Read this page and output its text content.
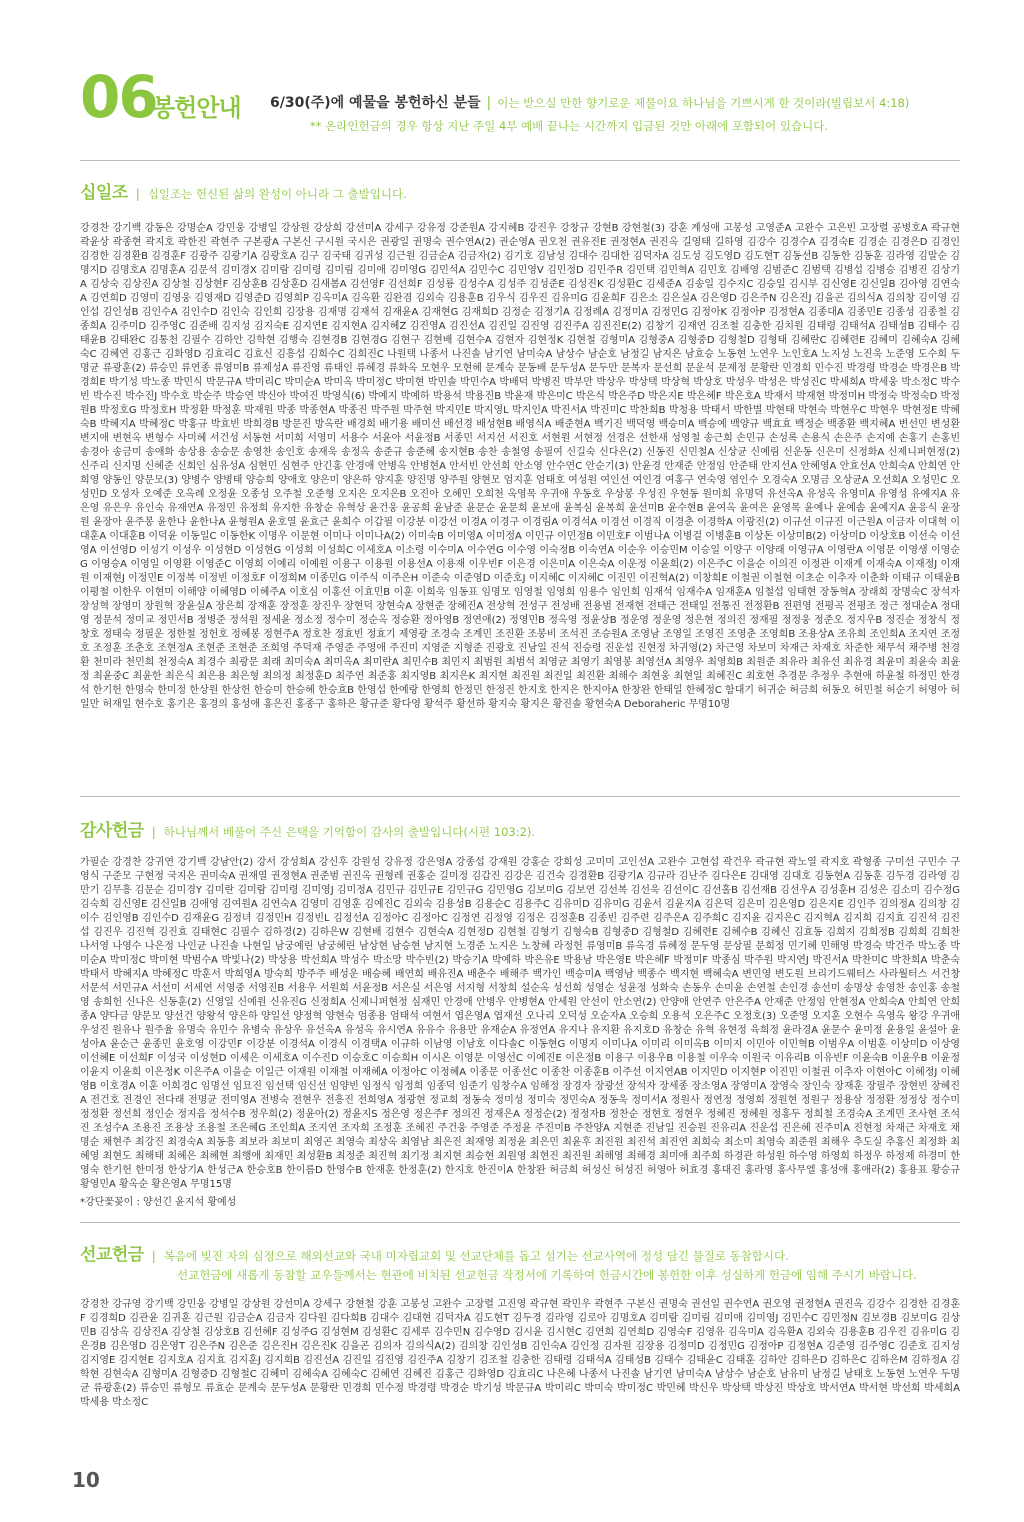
06
봉헌안내 6/30(주)에 예물을 봉헌하신 분들 | 이는 받으실 만한 향기로운 제물이요 하나님을 기쁘시게 한 것이라(빌립보서 4:18)
** 온라인헌금의 경우 항상 지난 주일 4부 예배 끝나는 시간까지 입금된 것만 아래에 포함되어 있습니다.
십일조 | 십일조는 헌신된 삶의 완성이 아니라 그 출발입니다.
강경찬 강기백 강동은 강명순A 강민웅 강병일 강상원 강상희 강선미A 강세구 강유정 강준원A 강지혜B 강진우 강창규 강현B 강현철(3) 강훈 계성애 고봉성 고영준A 고완수 고은빈 고장렬 공병호A 곽규현 곽윤상 곽종현 곽지호 곽한진 곽현주 구본광A 구본신 구시원 국시은 권광일 권명숙 권수연A(2) 권순영A 권오천 권유진E 권정현A 권진옥 길영태 길하영 김강수 김경수A 김경숙E 김경순 김경은D 김경인 김경한 김경환B 김경훈F 김광주 김광기A 김광호A 김구 김국태 김귀성 김근원 김금순A 김금자(2) 김기호 김남성 김대수 김대한 김덕자A 김도성 김도영D 김도현T 김동선B 김동한 김동훈 김라영 김말순 김명지D 김명호A 김명훈A 김문석 김미경X 김미람 김미령 김미림 김미애 김미영G 김민석A 김민수C 김민영V 김민정D 김민주R 김민택 김민혁A 김민호 김배영 김범준C 김범택 김병섭 김병승 김병진 김상기A 김상숙 김상진A 김상철 김상현F 김상훈B 김상훈D 김새봄A 김선영F 김선희F 김성룡 김성수A 김성주 김성준E 김성진K 김성환C 김세준A 김송일 김수지C 김승일 김시부 김신영E 김신일B 김아영 김연숙A 김연희D 김영미 김영웅 김영재D 김영준D 김영희P 김옥미A 김옥환 김완겸 김외숙 김용훈B 김우식 김우진 김유미G 김윤희F 김은소 김은실A 김은영D 김은주N 김은진J 김을곤 김의식A 김의창 김이영 김인섭 김인성B 김인수A 김인수D 김인숙 김인희 김장용 김재명 김재석 김재윤A 김재현G 김재희D 김정순 김정기A 김정례A 김정미A 김정민G 김정아K 김정아P 김정현A 김종대A 김종민E 김종성 김종철 김종희A 김주미D 김주영C 김준배 김지성 김지숙E 김지연E 김지현A 김지혜Z 김진영A 김진선A 김진일 김진영 김진주A 김진진E(2) 김창기 김재연 김조철 김충한 김치원 김태령 김태석A 김태성B 김태수 김태윤B 김태완C 김통천 김필수 김하안 김학현 김행숙 김현경B 김현경G 김현구 김현배 김현수A 김현자 김현정K 김현철 김형미A 김형중A 김형중D 김형철D 김형태 김혜란C 김혜련E 김혜미 김혜숙A 김혜숙C 김혜연 김홍근 김화영D 김효리C 김효신 김흥섭 김희수C 김희진C 나원택 나종서 나진솔 남기연 남미숙A 남상수 남순호 남정길 남지은 남효승 노동현 노연우 노인호A 노지성 노진욱 노준영 도수희 두명균 류광훈(2) 류승민 류연종 류영미B 류제성A 류진영 류태인 류혜경 류화옥 모현우 모현혜 문계숙 문동배 문두성A 문두만 문복자 문선희 문운석 문제정 문황란 민경희 민수진 박경령 박경순 박경은B 박경희E 박기성 박노종 박민식 박문규A 박미리C 박미순A 박미옥 박미정C 박미현 박민솔 박민수A 박배덕 박병진 박부만 박상우 박상택 박상혁 박상호 박성우 박성은 박성진C 박세희A 박세웅 박소정C 박수빈 박수진 박수진J 박수호 박순주 박승연 박신아 박여진 박영식(6) 박예지 박예하 박용석 박용진B 박윤재 박은미C 박은식 박은주D 박은지E 박은혜F 박은호A 박재서 박재현 박정미H 박정숙 박정숙D 박정원B 박정호G 박정호H 박정환 박정훈 박재원 박종 박종현A 박종진 박주원 박주현 박지민E 박지영L 박지인A 박진서A 박진미C 박찬희B 박청용 박태서 박한별 박현태 박현숙 박현우C 박현우 박현정E 박혜숙B 박혜지A 박혜정C 박홍규 박효빈 박희경B 방문진 방옥란 배경희 배기용 배미선 배선경 배성현B 배영식A 배준현A 백기진 백덕영 백승미A 백승예 백양규 백효효 백정순 백종환 백지혜A 변선민 변성환 변지애 변현옥 변형수 사미혜 서건성 서동현 서미희 서영미 서용수 서윤아 서윤정B 서종민 서지선 서진호 서현원 서현정 선경은 선한새 성영철 송근희 손민규 손성록 손용식 손은주 손지예 손홍기 손홍빈 송경아 송금미 송애화 송상용 송승문 송영찬 송인호 송재욱 송정옥 송준규 송준혜 송지현B 송찬 송철영 송필여 신길숙 신다은(2) 신동진 신민철A 신상균 신예림 신운동 신은미 신정화A 신제니퍼현정(2) 신주리 신지명 신혜준 신희인 심유성A 심현민 심현주 안긴홍 안경애 안병옥 안병현A 안서빈 안선희 안소영 안수연C 안순기(3) 안윤경 안재준 안정임 안준태 안지선A 안혜영A 안효선A 안희숙A 안희연 안희영 양동인 양문모(3) 양병수 양병태 양승희 양애호 양은미 양은하 양지훈 양진명 양주원 양현모 엄지훈 엄태호 여성원 여인선 여인경 여홍구 연숙영 염인수 오경숙A 오명금 오상균A 오선희A 오성민C 오성민D 오성자 오예준 오옥례 오정윤 오종성 오주철 오준형 오지은 오지은B 오진아 오혜민 오희천 옥영목 우귀애 우동호 우상봉 우성진 우현동 원미희 유명덕 유선옥A 유성옥 유영미A 유영성 유예지A 유은영 유은우 유인숙 유재연A 유정민 유정희 유지한 유창순 유혁상 윤건웅 윤공희 윤남준 윤문순 윤문희 윤보애 윤복심 윤복희 윤선미B 윤수현B 윤여옥 윤여은 윤영목 윤예나 윤예솜 윤예지A 윤응식 윤장원 윤장아 윤주봉 윤한나 윤한나A 윤형원A 윤호열 윤효근 윤희수 이갑필 이강분 이강선 이경A 이경구 이경림A 이경석A 이경선 이경직 이경춘 이경학A 이광진(2) 이규선 이규진 이근원A 이금자 이대혁 이대훈A 이대훈B 이덕윤 이동일C 이동한K 이명우 이문현 이미나 이미나A(2) 이미숙B 이미영A 이미정A 이민규 이민정B 이민호F 이범나A 이병걸 이병훈B 이상돈 이상미B(2) 이상미D 이상호B 이선숙 이선영A 이선영D 이성기 이성우 이성현D 이성현G 이성희 이성희C 이세호A 이소령 이수미A 이수연G 이수영 이숙정B 이숙연A 이순우 이승민M 이승일 이양구 이양래 이영규A 이영란A 이영문 이영생 이영순G 이영승A 이영일 이영환 이영준C 이영희 이예리 이예원 이용구 이용원 이용선A 이용재 이우빈F 이은경 이은미A 이은숙A 이운정 이윤희(2) 이은주C 이을순 이의진 이정관 이재계 이재숙A 이재정J 이재원 이재현J 이정민E 이정복 이정빈 이정호F 이정희M 이종민G 이주식 이주은H 이준숙 이준영D 이준호J 이지혜C 이지혜C 이진민 이진혁A(2) 이창희E 이철권 이철현 이초순 이추자 이춘화 이태규 이태윤B 이평철 이한우 이현미 이해양 이혜영D 이혜주A 이호심 이홍선 이효민B 이훈 이희욱 임동표 임명모 임영철 임영희 임용수 임인희 임재석 임재수A 임재훈A 임철섭 임태현 장동혁A 장래희 장명숙C 장석자 장성혁 장영미 장원혁 장윤실A 장은희 장재훈 장정훈 장진우 장현덕 장현숙A 장현준 장혜진A 전상혁 전성구 전성배 전용범 전재현 전태근 전태일 전통진 전정환B 전편영 전평곡 전평조 정근 정대순A 정대영 정문석 정미교 정민서B 정병준 정석원 정세윤 정소정 정수미 정순옥 정승환 정아영B 정연애(2) 정영민B 정옥영 정윤상B 정운영 정운영 정은현 정의진 정재필 정정웅 정준오 정지우B 정진순 정창식 정창호 정태숙 정필운 정한철 정헌호 정혜봉 정현주A 정호찬 정효빈 정효기 제영광 조경숙 조계민 조진환 조봉비 조석진 조승원A 조영남 조영일 조영진 조영춘 조영희B 조용상A 조유희 조인희A 조지연 조정호 조정훈 조춘호 조현정A 조현준 조현준 조희영 주덕재 주영준 주영애 주진미 지영준 지형준 진광호 진남일 진석 진승령 진운섭 진현정 차귀영(2) 차근영 차보미 차재근 차재호 차준한 채무석 채주병 천경환 천미라 천민희 천정숙A 최경수 최광문 최래 최미숙A 최미옥A 최미란A 최민수B 최민지 최범원 최범석 최영균 최영기 최영봉 최영선A 최영우 최영희B 최원준 최유라 최유선 최유경 최윤미 최윤숙 최윤정 최윤중C 최윤한 최은식 최은용 최은형 최의정 최정훈D 최주연 최준홍 최지영B 최지은K 최지현 최진원 최진일 최진환 최해수 최현웅 최현일 최혜진C 최호현 추경문 추정우 추현애 하윤철 하정민 한경석 한기헌 한명숙 한미정 한상원 한상헌 한승미 한승혜 한승효B 한영섭 한예랑 한영희 한정민 한정진 한지호 한지은 한지아A 한창완 한태일 한혜정C 함대기 허귀순 허금희 허동오 허민철 허순기 허영아 허일만 허재일 현수호 홍기은 홍경의 홍성애 홍은진 홍종구 홍하은 황규준 황다영 황석주 황선하 황지숙 황지은 황진솔 황현숙A Deboraheric 무명10명
감사헌금 | 하나님께서 베풀어 주신 은택을 기억함이 감사의 출발입니다(시편 103:2).
가필순 강경찬 강귀연 강기백 강남안(2) 강서 강성희A 강신후 강원성 강유정 강은영A 강종섭 강재원 강홍순 강희성 고미미 고인선A 고완수 고현섭 곽건우 곽규현 곽노열 곽지호 곽형종 구미선 구민수 구영식 구준모 구현정 국지은 권미숙A 권재열 권정현A 권준범 권진옥 권형레 권홍순 길미정 김갑진 김강은 김건숙 김경환B 김광기A 김규라 김난주 김다은E 김대영 김대호 김동현A 김동훈 김두경 김라영 김만기 김무흥 김문순 김미경Y 김미란 김미람 김미령 김미영J 김미정A 김민규 김민규E 김민규G 김민영G 김보미G 김보연 김선복 김선욱 김선이C 김선홀B 김선재B 김선우A 김성훈H 김성은 김소미 김수정G 김숙희 김신영E 김신일B 김애영 김여원A 김연숙A 김영미 김영훈 김예진C 김외숙 김용성B 김용순C 김용주C 김유미D 김유미G 김윤서 김윤지A 김은덕 김은미 김은영D 김은지E 김인주 김의정A 김의창 김이수 김인영B 김인수D 김재윤G 김정녀 김정민H 김정빈L 김정선A 김정아C 김정아C 김정연 김정영 김정은 김정훈B 김종빈 김주련 김주은A 김주희C 김지윤 김지은C 김지혁A 김지희 김지효 김진석 김진섭 김진우 김진혁 김진효 김태현C 김필수 김하경(2) 김하은W 김현배 김현수 김현숙A 김현정D 김현철 김형기 김형숙B 김형중D 김형철D 김혜련E 김혜수B 김혜신 김효동 김희지 김희정B 김희희 김희찬 나서영 나영수 나은정 나인균 나진솔 나현일 남궁예린 남궁혜린 남상현 남승현 남지현 노경준 노지은 노창혜 라정헌 류영미B 류옥경 류혜정 문두영 문상필 문희정 민기혜 민해영 박경숙 박건주 박노종 박미순A 박미정C 박미현 박범수A 박빛나(2) 박상용 박선희A 박성수 박소망 박수빈(2) 박승기A 박예하 박은유E 박용남 박은영E 박은혜F 박정미F 박종심 박주원 박지연J 박진서A 박찬미C 박찬희A 박춘숙 박태서 박혜지A 박혜정C 박훈서 박희영A 방숙희 방주주 배성운 배승혜 배연희 배유진A 배춘수 배해주 백가인 백승미A 백영남 백종수 백지현 백혜숙A 변민영 변도원 브리기드웨터스 사라월터스 서건창 서문석 서민규A 서선미 서세연 서영중 서영진B 서용우 서원희 서윤정B 서은실 서은영 서지형 서창희 설순옥 성선희 성영순 성윤정 성화숙 손동우 손미윤 손연철 손인경 송선미 송명상 송영찬 송인홍 송철영 송희헌 신나은 신동훈(2) 신영일 신예원 신유진G 신정희A 신제니퍼현정 심재민 안경애 안병우 안병현A 안세원 안선이 안소연(2) 안양애 안연주 안은주A 안재준 안정임 안현정A 안희숙A 안희연 안희종A 양다금 양문모 양선건 양왕석 양은하 양일선 양정혁 양현숙 엄종용 엄태석 여현서 엽은영A 엽재선 오나리 오덕성 오순자A 오승희 오용석 오은주C 오정호(3) 오준영 오지훈 오현수 옥영옥 왕강 우귀애 우성진 원유나 원주율 유명숙 유민수 유병숙 유상우 유선옥A 유성옥 유시연A 유유수 유용만 유재순A 유정연A 유지나 유지환 유지호D 유창순 유혁 유현정 육희정 윤라경A 윤문수 윤미정 윤용일 윤설아 윤성아A 윤순근 윤종민 윤호영 이강민F 이강분 이경석A 이경식 이경택A 이규하 이남영 이남호 이다솔C 이동현G 이명지 이미나A 이미리 이미옥B 이미지 이민아 이민혁B 이범우A 이범훈 이상미D 이상영 이선혜E 이선희F 이성국 이성현D 이세은 이세호A 이수진D 이승호C 이승희H 이시온 이영문 이영선C 이예진E 이은정B 이용구 이용우B 이용철 이우숙 이원국 이유리B 이유빈F 이윤숙B 이윤우B 이윤정 이윤지 이윤희 이은정K 이은주A 이을순 이일근 이재원 이재철 이재혜A 이정아C 이정혜A 이종문 이종선C 이종찬 이종훈B 이주선 이지연AB 이지민D 이지현P 이진민 이철권 이추자 이현아C 이혜정J 이혜영B 이호경A 이훈 이희경C 임명선 임묘진 임선택 임신선 임양빈 임정식 임정희 임종덕 임준기 임창수A 임해정 장경자 장광선 장석자 장세종 장소영A 장영미A 장영숙 장인숙 장재훈 장필주 장현빈 장혜진A 전건호 전경인 전다래 전명균 전미영A 전병숙 전현우 전흥진 전희영A 정광현 정교희 정동숙 정미성 정미숙 정민숙A 정동욱 정미서A 정원사 정연정 정영희 정원현 정원구 정용삼 정정환 정정상 정수미 정정환 정선희 정인순 정지음 정석수B 정우희(2) 정윤아(2) 정윤지S 정은영 정은주F 정의진 정재은A 정정순(2) 정정자B 정찬순 정현호 정현우 정혜진 정혜원 정홍두 정희철 조경숙A 조계민 조사현 조석진 조성수A 조용진 조용상 조용철 조은혜G 조인희A 조지연 조자희 조정훈 조혜진 주건웅 주영준 주정윤 주진미B 주찬양A 지현준 진남일 진승원 진유리A 진운섭 진은혜 진주미A 진현정 차재근 차재호 채명순 채현주 최강진 최경숙A 최동흥 최보라 최보미 최영곤 최영숙 최상옥 최영남 최은진 최재영 최정윤 최은민 최윤후 최진원 최진석 최진연 최희숙 최소미 최영숙 최준원 최해우 추도실 추홍신 최정화 최혜영 최현도 최해태 최혜은 최혜현 최행애 최재민 최성환B 최정준 최진혁 최기정 최지현 최승현 최원영 최현진 최진원 최해영 최해경 최미애 최주희 하경관 하성원 하수영 하영희 하정우 하정제 하경미 한영숙 한기헌 한미정 한상기A 한성근A 한승호B 한이름D 한영수B 한재훈 한정훈(2) 한지호 한진이A 한창완 허금희 허성신 허성진 허영아 허효경 홍대진 홍라영 홍사무엘 홍성애 홍애라(2) 홍용표 황승규 황영민A 황옥순 황은영A 무명15명
*강단꽃꽂이 : 양선긴 윤지석 황예성
선교헌금 | 복음에 빚진 자의 심정으로 해외선교와 국내 미자립교회 및 선교단체를 돕고 섬기는 선교사역에 정성 담긴 물질로 동참합시다.
선교헌금에 새롭게 동참할 교우들께서는 현관에 비치된 선교헌금 작정서에 기록하여 헌금시간에 봉헌한 이후 성실하게 헌금에 임해 주시기 바랍니다.
강경찬 강규영 강기백 강민웅 강병일 강상원 강선미A 강세구 강현철 강훈 고봉성 고완수 고장렬 고진영 곽규현 곽민우 곽현주 구본신 권명숙 권선일 권수연A 권오영 권정현A 권진옥 김강수 김경한 김경훈F 김경희D 김관윤 김귀훈 김근원 김금순A 김금자 김다원 김다희B 김대수 김대현 김덕자A 김도현T 김두경 김라영 김로아 김명호A 김미람 김미림 김미애 김미영J 김민수C 김민정N 김보경B 김보미G 김상민B 김상옥 김상진A 김상철 김상호B 김선혜F 김성주G 김성현M 김성환C 김세루 김수민N 김수영D 김시윤 김시현C 김연희 김연희D 김영숙F 김영유 김옥미A 김옥환A 김외숙 김용훈B 김우진 김유미G 김은경B 김은영D 김은영T 김은주N 김은준 김은진H 김은진K 김을곤 김의자 김의식A(2) 김의창 김인성B 김인숙A 김인정 김자원 김장용 김정미D 김정민G 김정아P 김정현A 김준영 김주영C 김준호 김지성 김지영E 김지현E 김지호A 김지효 김지훈J 김지희B 김진선A 김진일 김진영 김진주A 김창기 김조철 김충한 김태령 김태석A 김태성B 김태수 김태윤C 김태훈 김하안 김하은D 김하은C 김하은M 김하정A 김학현 김현숙A 김형미A 김형중D 김형철C 김혜미 김혜숙A 김혜숙C 김혜연 김혜진 김홍근 김화영D 김효리C 나은혜 나종서 나진솔 남기연 남미숙A 남상수 남순호 남유미 남정길 남태호 노동현 노연우 두명균 류광훈(2) 류승민 류형모 류효순 문계숙 문두성A 문황란 민경희 민수정 박경령 박경순 박기성 박문규A 박미리C 박미숙 박미정C 박민혜 박신우 박상택 박상진 박상호 박서연A 박서현 박선희 박세희A 박세용 박소정C
10
